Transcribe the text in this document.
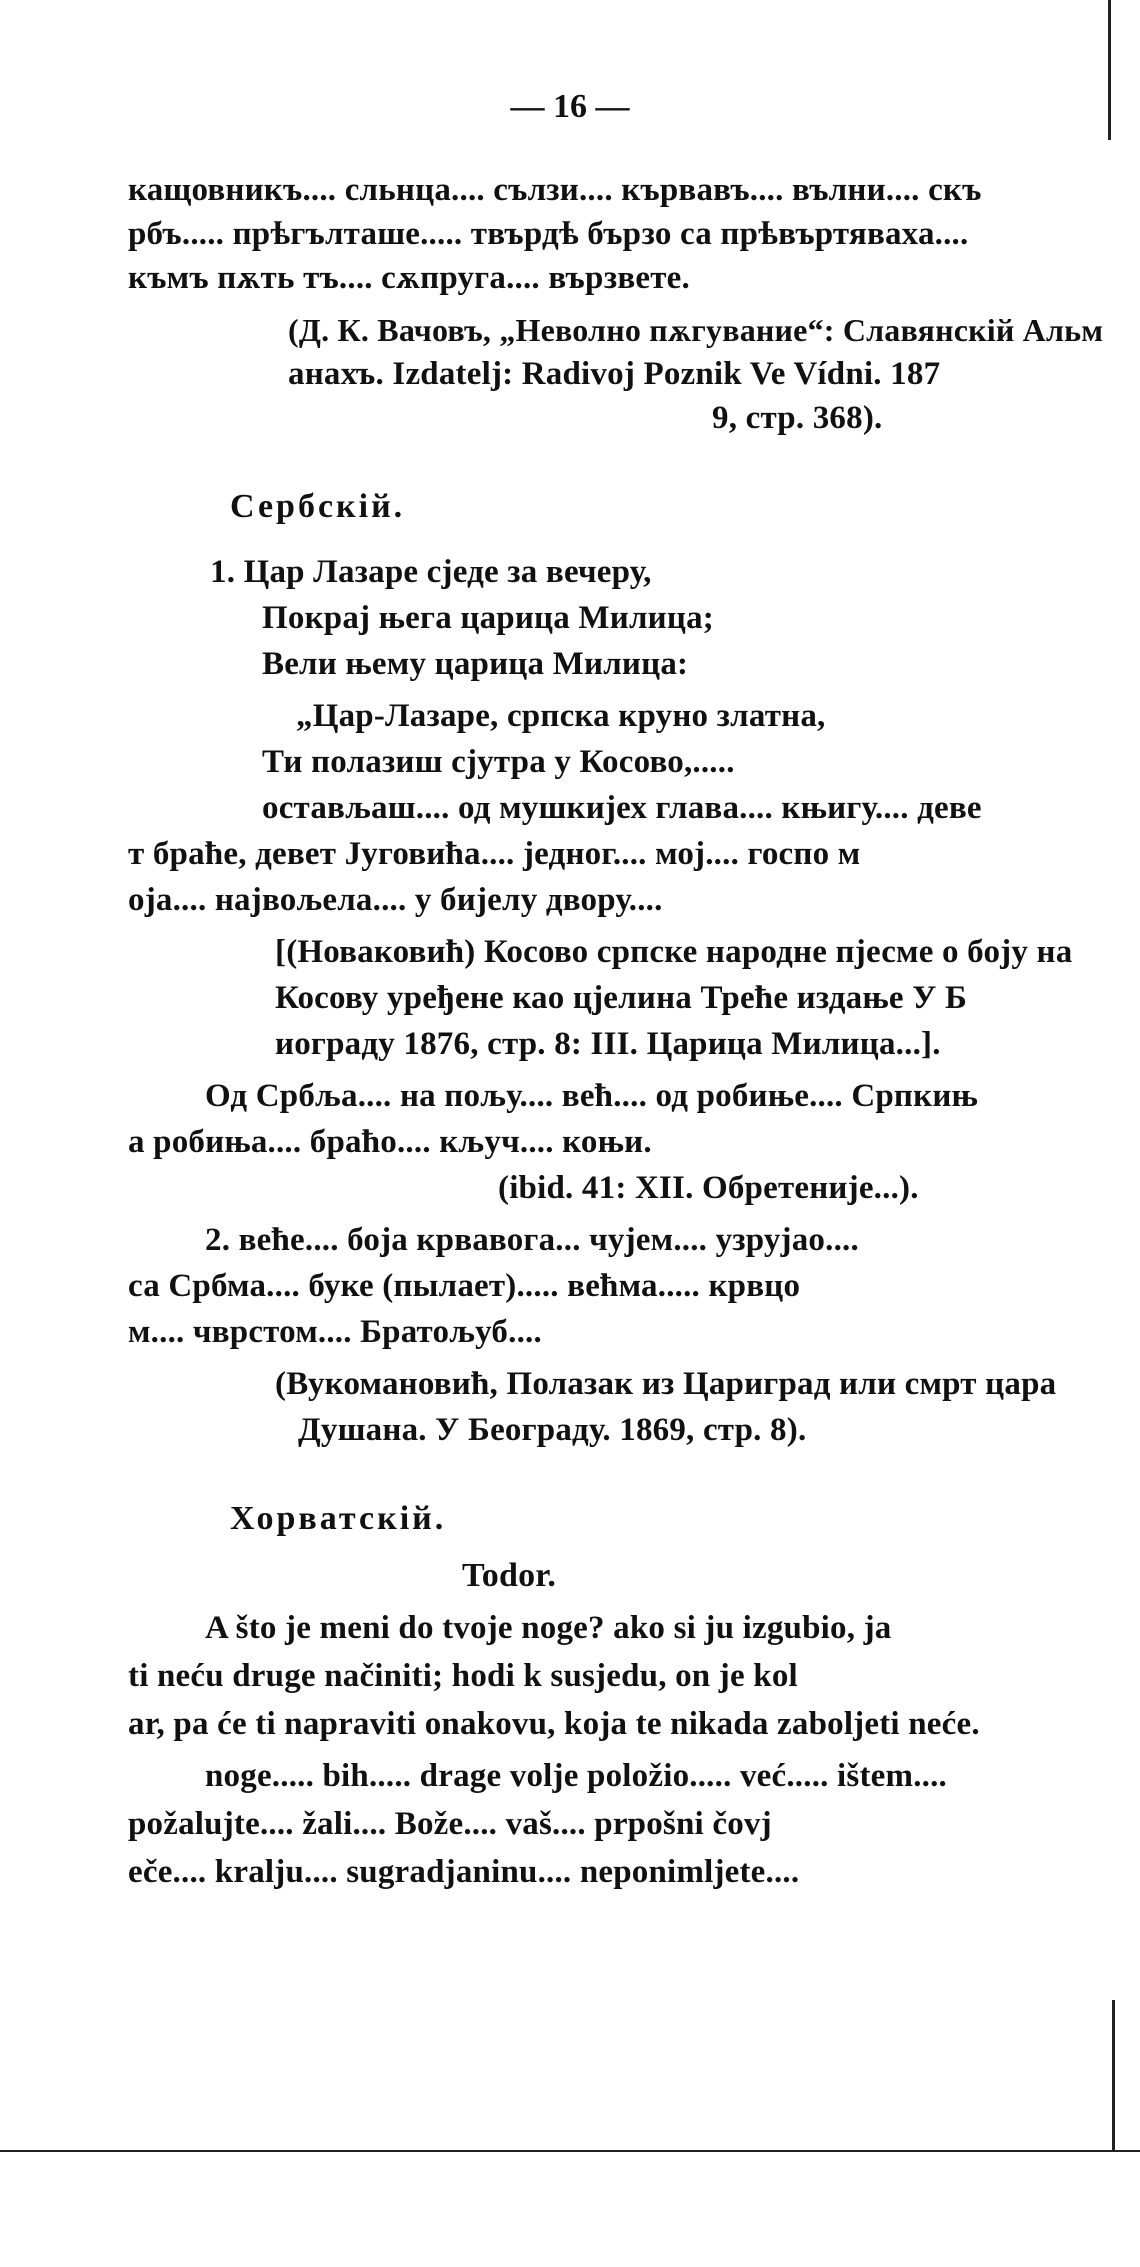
— 16 —
кащовникъ.... сльнца.... сълзи.... кървавъ.... вълни.... скъ
рбъ..... прѣгълташе..... твърдѣ бързо са прѣвъртяваха....
къмъ пѫть тъ.... сѫпруга.... вързвете.
(Д. К. Вачовъ, „Неволно пѫгувание“: Славянскій Альм
анахъ. Izdatelj: Radivoj Poznik Ve Vídni. 187
9, стр. 368).
Сербскій.
1. Цар Лазаре сједе за вечеру,
Покрај њега царица Милица;
Вели њему царица Милица:
„Цар-Лазаре, српска круно златна,
Ти полазиш сјутра у Косово,.....
остављаш.... од мушкијех глава.... књигу.... деве
т браће, девет Југовића.... једног.... мој.... госпо м
оја.... највољела.... у бијелу двору....
[(Новаковић) Косово српске народне пјесме о боју на
Косову уређене као цјелина Треће издање У Б
иограду 1876, стр. 8: III. Царица Милица...].
Од Србља.... на пољу.... већ.... од робиње.... Српкињ
а робиња.... браћо.... кључ.... коњи.
(ibid. 41: XII. Обретеније...).
2. веће.... боја крвавога... чујем.... узрујао....
са Србма.... буке (пылает)..... већма..... крвцо
м.... чврстом.... Братољуб....
(Вукомановић, Полазак из Цариград или смрт цара
Душана. У Београду. 1869, стр. 8).
Хорватскій.
Todor.
A što je meni do tvoje noge? ako si ju izgubio, ja
ti neću druge načiniti; hodi k susjedu, on je kol
ar, pa će ti napraviti onakovu, koja te nikada zaboljeti neće.
noge..... bih..... drage volje položio..... već..... ištem....
požalujte.... žali.... Bože.... vaš.... prpošni čovj
eče.... kralju.... sugradjaninu.... neponimljete....
